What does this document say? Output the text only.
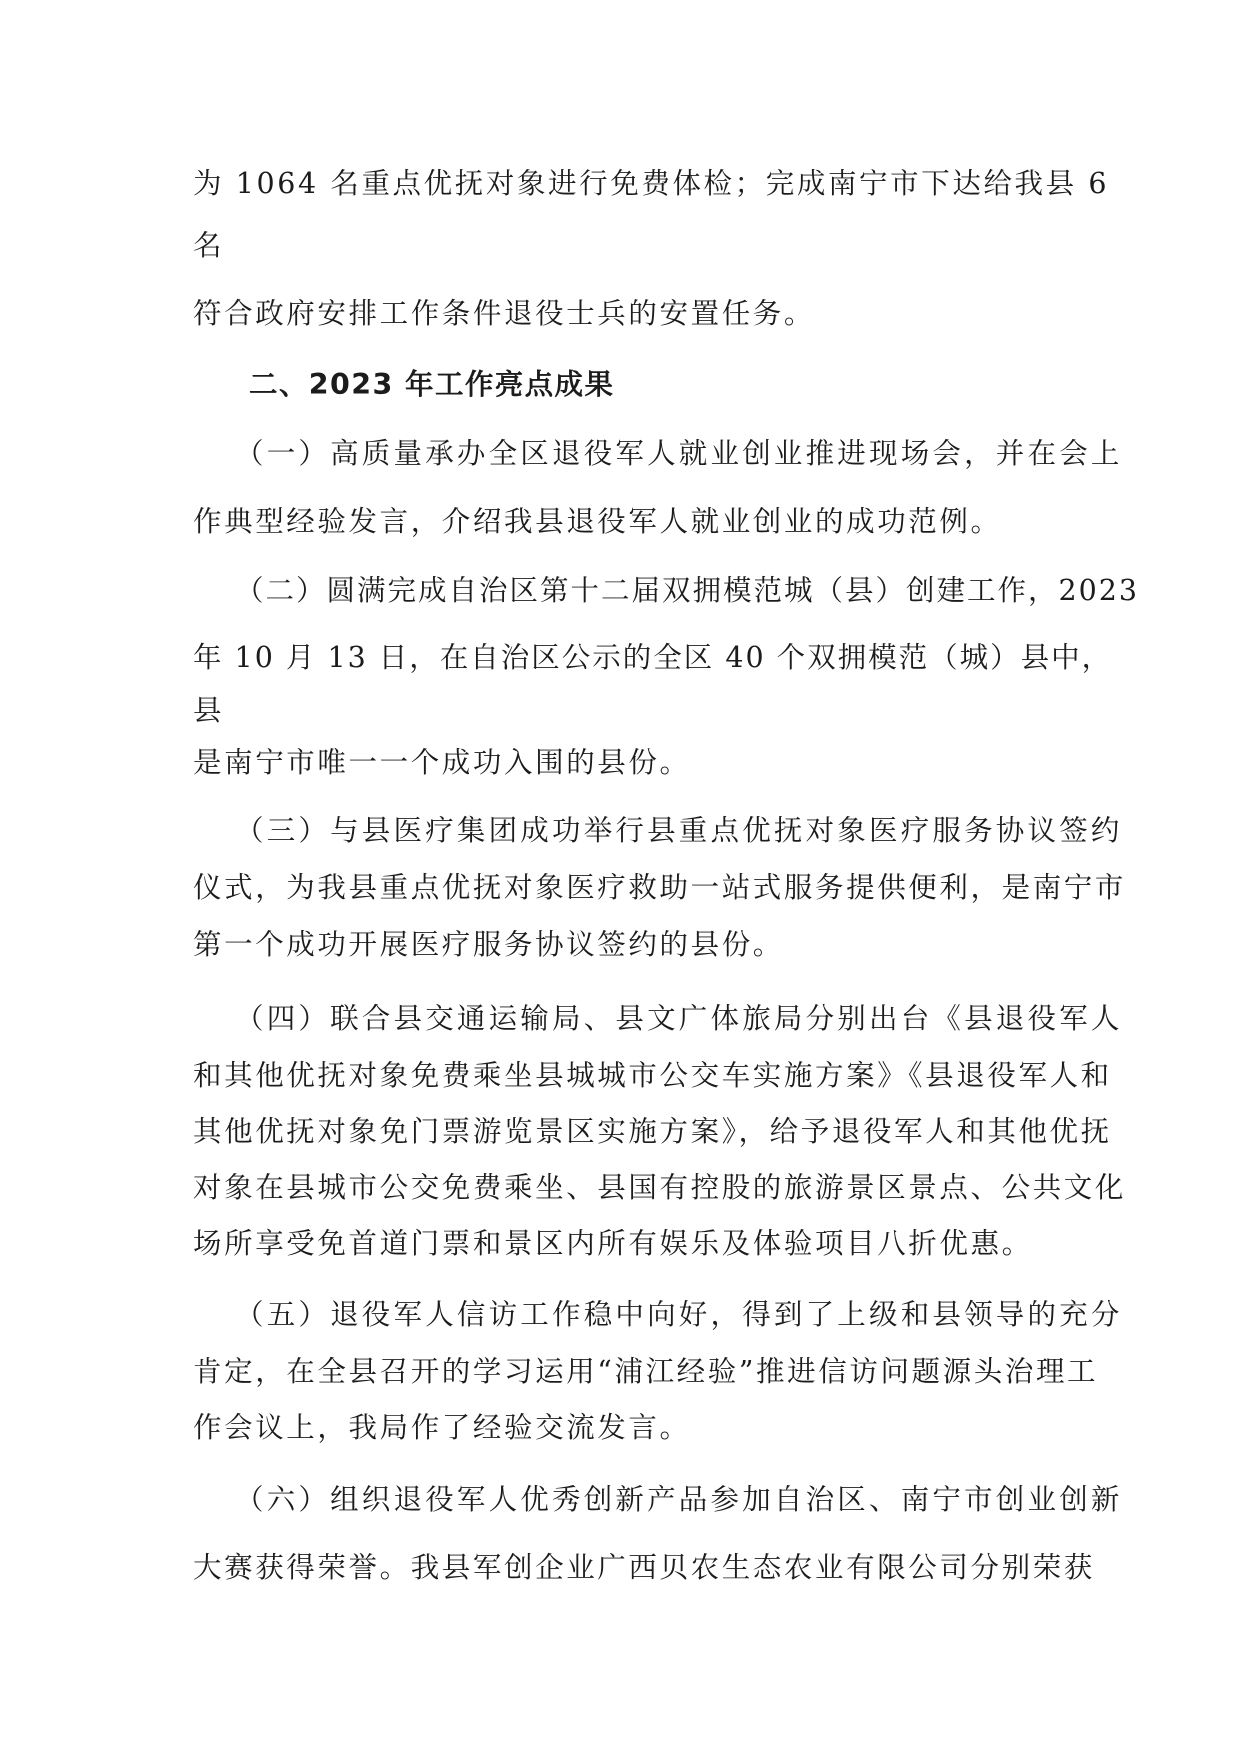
为 1064 名重点优抚对象进行免费体检；完成南宁市下达给我县 6
名
符合政府安排工作条件退役士兵的安置任务。
二、2023 年工作亮点成果
（一）高质量承办全区退役军人就业创业推进现场会，并在会上
作典型经验发言，介绍我县退役军人就业创业的成功范例。
（二）圆满完成自治区第十二届双拥模范城（县）创建工作，2023
年 10 月 13 日，在自治区公示的全区 40 个双拥模范（城）县中，
县
是南宁市唯一一个成功入围的县份。
（三）与县医疗集团成功举行县重点优抚对象医疗服务协议签约
仪式，为我县重点优抚对象医疗救助一站式服务提供便利，是南宁市
第一个成功开展医疗服务协议签约的县份。
（四）联合县交通运输局、县文广体旅局分别出台《县退役军人
和其他优抚对象免费乘坐县城城市公交车实施方案》《县退役军人和
其他优抚对象免门票游览景区实施方案》，给予退役军人和其他优抚
对象在县城市公交免费乘坐、县国有控股的旅游景区景点、公共文化
场所享受免首道门票和景区内所有娱乐及体验项目八折优惠。
（五）退役军人信访工作稳中向好，得到了上级和县领导的充分
肯定，在全县召开的学习运用“浦江经验”推进信访问题源头治理工
作会议上，我局作了经验交流发言。
（六）组织退役军人优秀创新产品参加自治区、南宁市创业创新
大赛获得荣誉。我县军创企业广西贝农生态农业有限公司分别荣获
